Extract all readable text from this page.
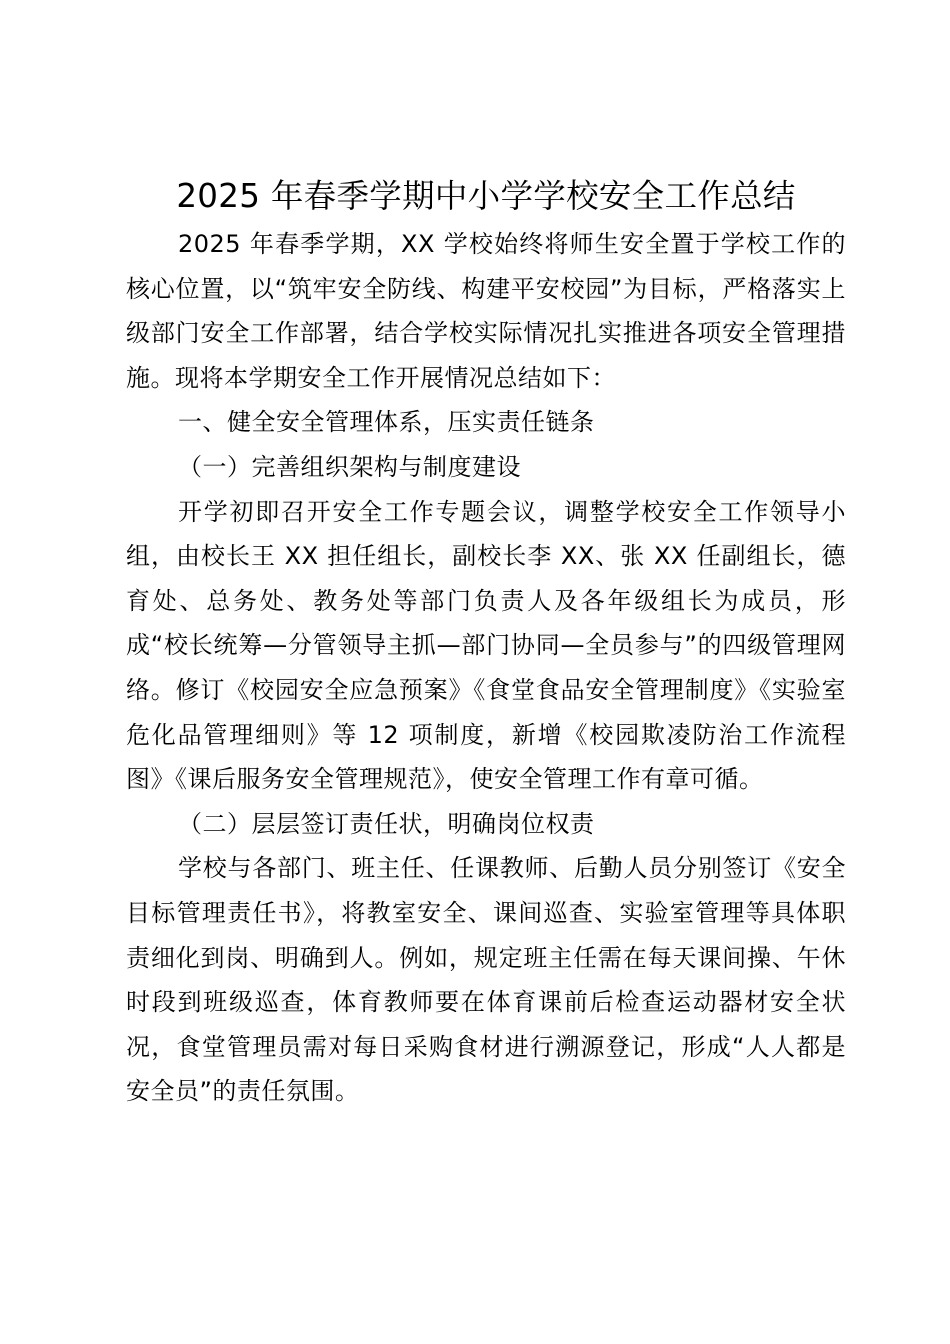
2025 年春季学期中小学学校安全工作总结

2025 年春季学期，XX 学校始终将师生安全置于学校工作的核心位置，以“筑牢安全防线、构建平安校园”为目标，严格落实上级部门安全工作部署，结合学校实际情况扎实推进各项安全管理措施。现将本学期安全工作开展情况总结如下：

一、健全安全管理体系，压实责任链条

（一）完善组织架构与制度建设

开学初即召开安全工作专题会议，调整学校安全工作领导小组，由校长王 XX 担任组长，副校长李 XX、张 XX 任副组长，德育处、总务处、教务处等部门负责人及各年级组长为成员，形成“校长统筹—分管领导主抓—部门协同—全员参与”的四级管理网络。修订《校园安全应急预案》《食堂食品安全管理制度》《实验室危化品管理细则》等 12 项制度，新增《校园欺凌防治工作流程图》《课后服务安全管理规范》，使安全管理工作有章可循。

（二）层层签订责任状，明确岗位权责

学校与各部门、班主任、任课教师、后勤人员分别签订《安全目标管理责任书》，将教室安全、课间巡查、实验室管理等具体职责细化到岗、明确到人。例如，规定班主任需在每天课间操、午休时段到班级巡查，体育教师要在体育课前后检查运动器材安全状况，食堂管理员需对每日采购食材进行溯源登记，形成“人人都是安全员”的责任氛围。
